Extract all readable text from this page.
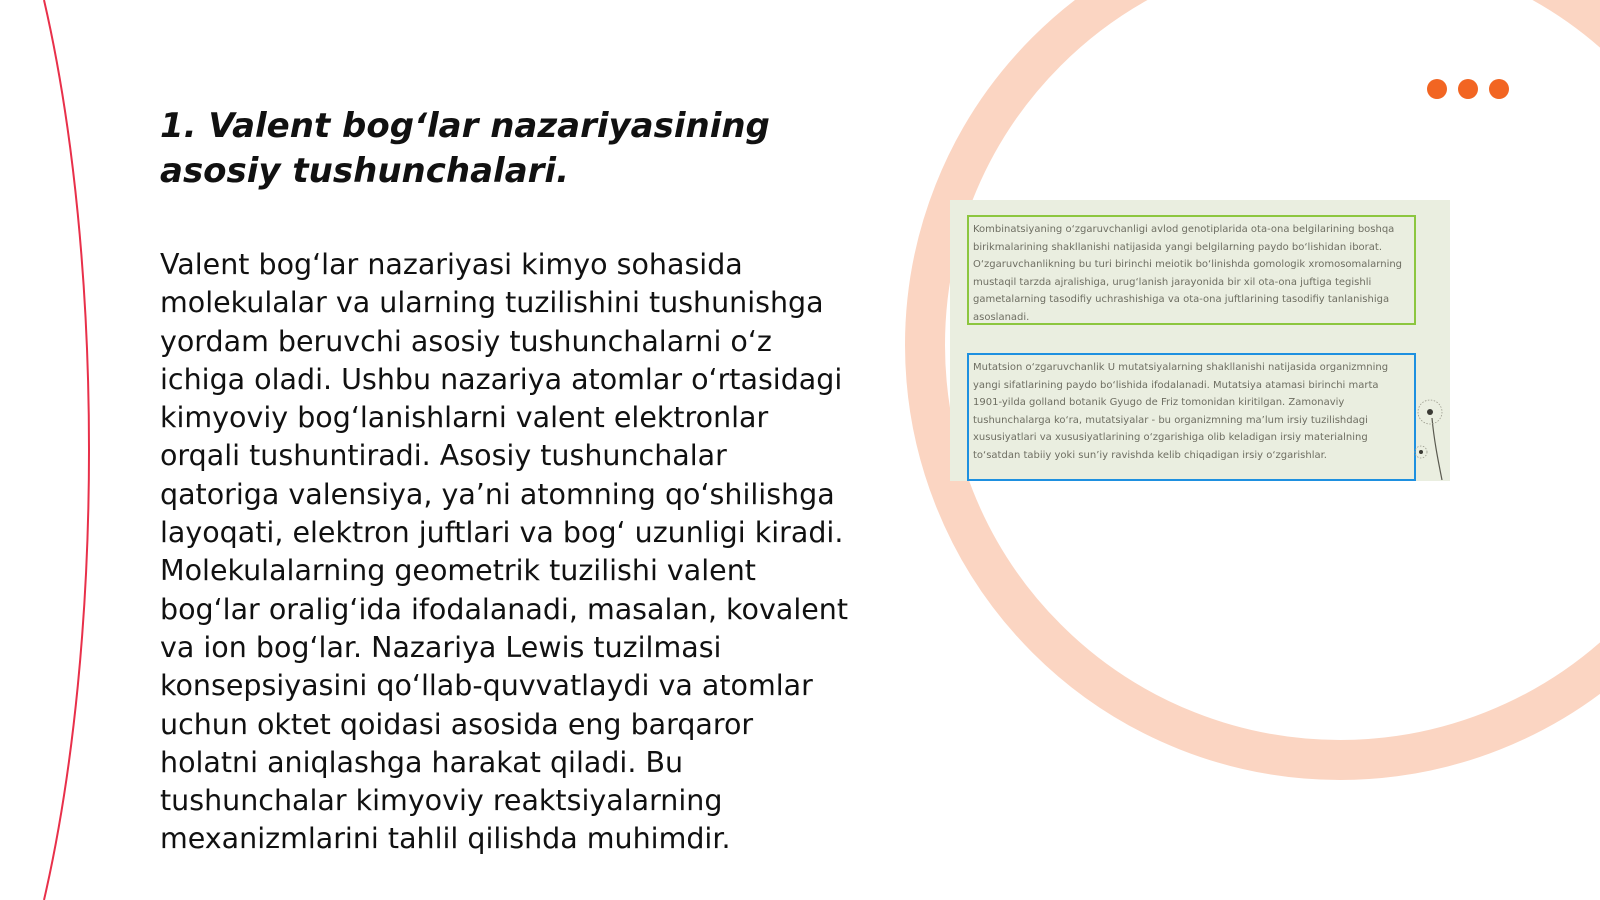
1. Valent bog‘lar nazariyasining asosiy tushunchalari.

Valent bog‘lar nazariyasi kimyo sohasida molekulalar va ularning tuzilishini tushunishga yordam beruvchi asosiy tushunchalarni o‘z ichiga oladi. Ushbu nazariya atomlar o‘rtasidagi kimyoviy bog‘lanishlarni valent elektronlar orqali tushuntiradi. Asosiy tushunchalar qatoriga valensiya, ya’ni atomning qo‘shilishga layoqati, elektron juftlari va bog‘ uzunligi kiradi. Molekulalarning geometrik tuzilishi valent bog‘lar oralig‘ida ifodalanadi, masalan, kovalent va ion bog‘lar. Nazariya Lewis tuzilmasi konsepsiyasini qo‘llab-quvvatlaydi va atomlar uchun oktet qoidasi asosida eng barqaror holatni aniqlashga harakat qiladi. Bu tushunchalar kimyoviy reaktsiyalarning mexanizmlarini tahlil qilishda muhimdir.

Kombinatsiyaning o‘zgaruvchanligi avlod genotiplarida ota-ona belgilarining boshqa birikmalarining shakllanishi natijasida yangi belgilarning paydo bo‘lishidan iborat. O‘zgaruvchanlikning bu turi birinchi meiotik bo‘linishda gomologik xromosomalarning mustaqil tarzda ajralishiga, urug‘lanish jarayonida bir xil ota-ona juftiga tegishli gametalarning tasodifiy uchrashishiga va ota-ona juftlarining tasodifiy tanlanishiga asoslanadi.
Mutatsion o‘zgaruvchanlik U mutatsiyalarning shakllanishi natijasida organizmning yangi sifatlarining paydo bo‘lishida ifodalanadi. Mutatsiya atamasi birinchi marta 1901-yilda golland botanik Gyugo de Friz tomonidan kiritilgan. Zamonaviy tushunchalarga ko‘ra, mutatsiyalar - bu organizmning ma’lum irsiy tuzilishdagi xususiyatlari va xususiyatlarining o‘zgarishiga olib keladigan irsiy materialning to‘satdan tabiiy yoki sun’iy ravishda kelib chiqadigan irsiy o‘zgarishlar.
